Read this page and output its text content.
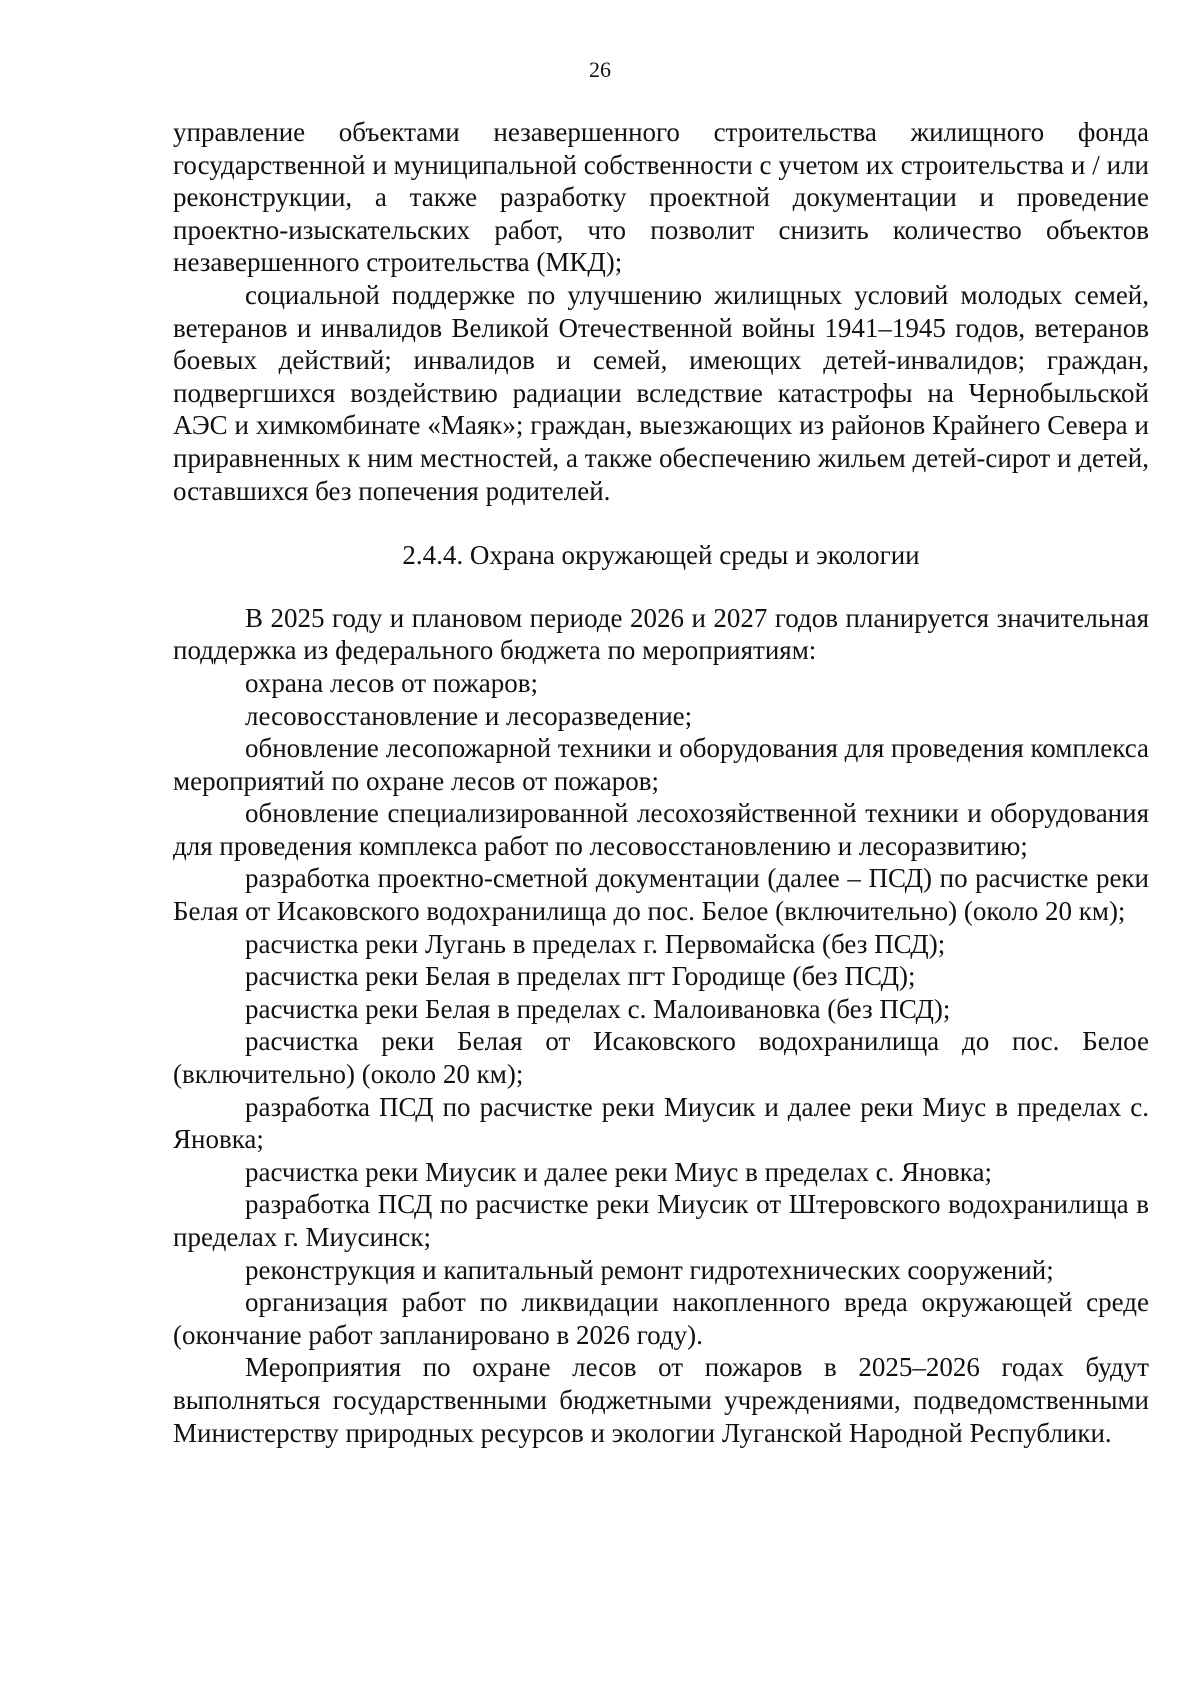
26

управление объектами незавершенного строительства жилищного фонда государственной и муниципальной собственности с учетом их строительства и / или реконструкции, а также разработку проектной документации и проведение проектно-изыскательских работ, что позволит снизить количество объектов незавершенного строительства (МКД);

социальной поддержке по улучшению жилищных условий молодых семей, ветеранов и инвалидов Великой Отечественной войны 1941–1945 годов, ветеранов боевых действий; инвалидов и семей, имеющих детей-инвалидов; граждан, подвергшихся воздействию радиации вследствие катастрофы на Чернобыльской АЭС и химкомбинате «Маяк»; граждан, выезжающих из районов Крайнего Севера и приравненных к ним местностей, а также обеспечению жильем детей-сирот и детей, оставшихся без попечения родителей.

2.4.4. Охрана окружающей среды и экологии

В 2025 году и плановом периоде 2026 и 2027 годов планируется значительная поддержка из федерального бюджета по мероприятиям:

охрана лесов от пожаров;

лесовосстановление и лесоразведение;

обновление лесопожарной техники и оборудования для проведения комплекса мероприятий по охране лесов от пожаров;

обновление специализированной лесохозяйственной техники и оборудования для проведения комплекса работ по лесовосстановлению и лесоразвитию;

разработка проектно-сметной документации (далее – ПСД) по расчистке реки Белая от Исаковского водохранилища до пос. Белое (включительно) (около 20 км);

расчистка реки Лугань в пределах г. Первомайска (без ПСД);

расчистка реки Белая в пределах пгт Городище (без ПСД);

расчистка реки Белая в пределах с. Малоивановка (без ПСД);

расчистка реки Белая от Исаковского водохранилища до пос. Белое (включительно) (около 20 км);

разработка ПСД по расчистке реки Миусик и далее реки Миус в пределах с. Яновка;

расчистка реки Миусик и далее реки Миус в пределах с. Яновка;

разработка ПСД по расчистке реки Миусик от Штеровского водохранилища в пределах г. Миусинск;

реконструкция и капитальный ремонт гидротехнических сооружений;

организация работ по ликвидации накопленного вреда окружающей среде (окончание работ запланировано в 2026 году).

Мероприятия по охране лесов от пожаров в 2025–2026 годах будут выполняться государственными бюджетными учреждениями, подведомственными Министерству природных ресурсов и экологии Луганской Народной Республики.
